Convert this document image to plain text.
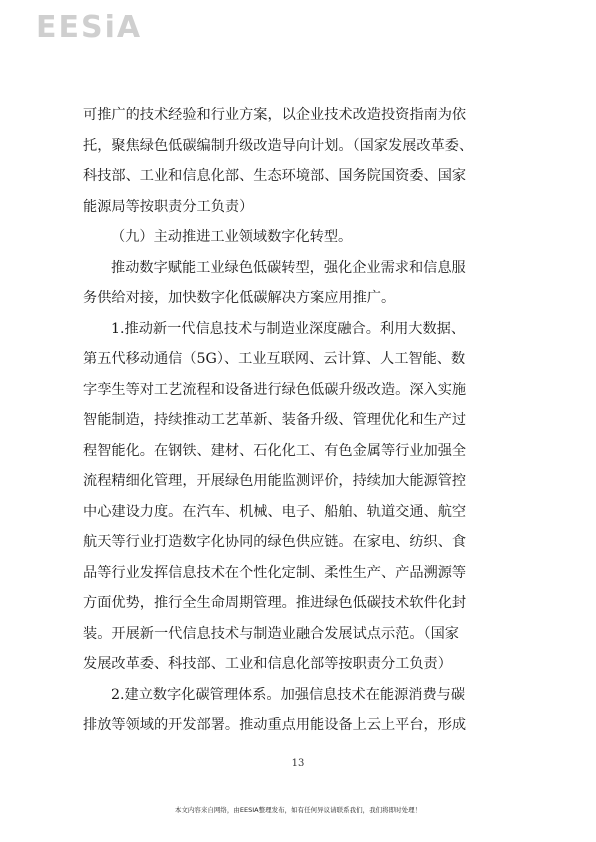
EESiA
可推广的技术经验和行业方案，以企业技术改造投资指南为依
托，聚焦绿色低碳编制升级改造导向计划。（国家发展改革委、
科技部、工业和信息化部、生态环境部、国务院国资委、国家
能源局等按职责分工负责）
（九）主动推进工业领域数字化转型。
推动数字赋能工业绿色低碳转型，强化企业需求和信息服
务供给对接，加快数字化低碳解决方案应用推广。
1.推动新一代信息技术与制造业深度融合。利用大数据、
第五代移动通信（5G）、工业互联网、云计算、人工智能、数
字孪生等对工艺流程和设备进行绿色低碳升级改造。深入实施
智能制造，持续推动工艺革新、装备升级、管理优化和生产过
程智能化。在钢铁、建材、石化化工、有色金属等行业加强全
流程精细化管理，开展绿色用能监测评价，持续加大能源管控
中心建设力度。在汽车、机械、电子、船舶、轨道交通、航空
航天等行业打造数字化协同的绿色供应链。在家电、纺织、食
品等行业发挥信息技术在个性化定制、柔性生产、产品溯源等
方面优势，推行全生命周期管理。推进绿色低碳技术软件化封
装。开展新一代信息技术与制造业融合发展试点示范。（国家
发展改革委、科技部、工业和信息化部等按职责分工负责）
2.建立数字化碳管理体系。加强信息技术在能源消费与碳
排放等领域的开发部署。推动重点用能设备上云上平台，形成
13
本文内容来自网络，由EESIA整理发布，如有任何异议请联系我们，我们将即时处理！
